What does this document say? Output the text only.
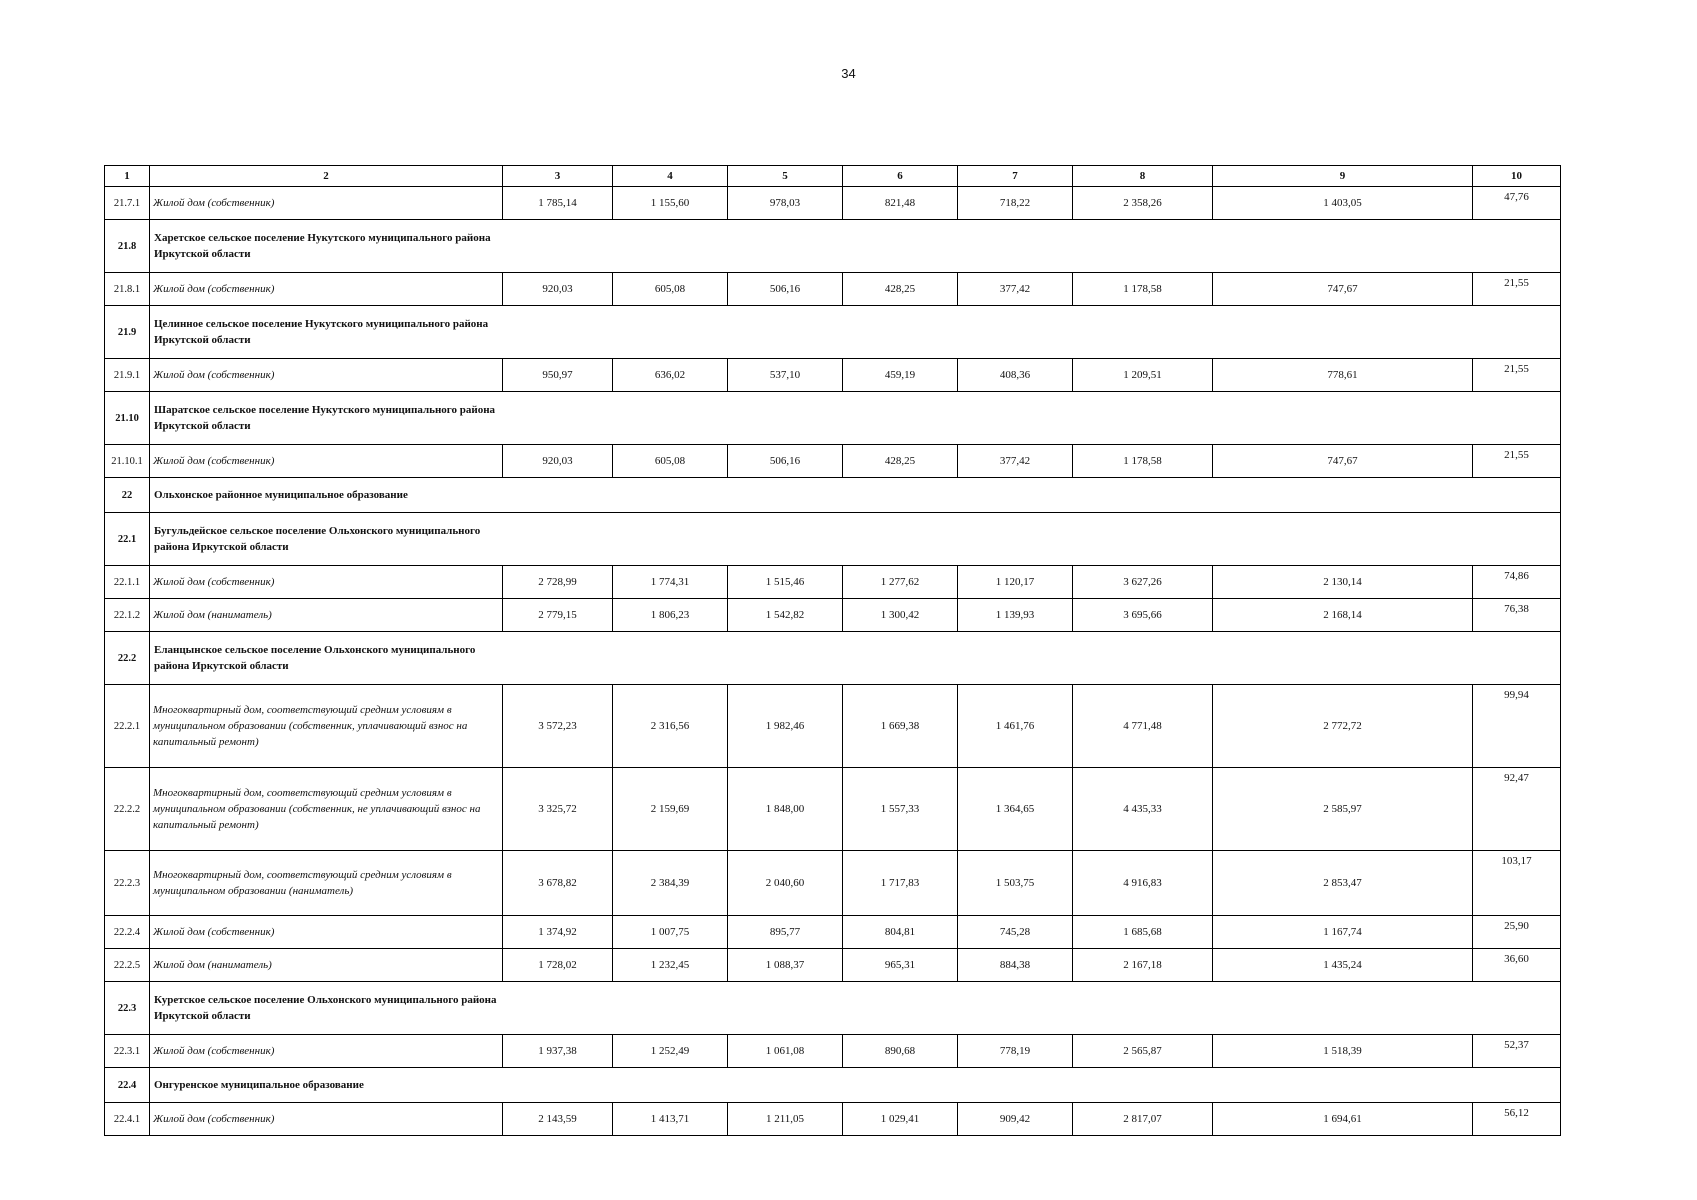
34
1	2	3	4	5	6	7	8	9	10
21.7.1	Жилой дом (собственник)	1 785,14	1 155,60	978,03	821,48	718,22	2 358,26	1 403,05	47,76
21.8	Харетское сельское поселение Нукутского муниципального района Иркутской области								
21.8.1	Жилой дом (собственник)	920,03	605,08	506,16	428,25	377,42	1 178,58	747,67	21,55
21.9	Целинное сельское поселение Нукутского муниципального района Иркутской области								
21.9.1	Жилой дом (собственник)	950,97	636,02	537,10	459,19	408,36	1 209,51	778,61	21,55
21.10	Шаратское сельское поселение Нукутского муниципального района Иркутской области								
21.10.1	Жилой дом (собственник)	920,03	605,08	506,16	428,25	377,42	1 178,58	747,67	21,55
22	Ольхонское районное муниципальное образование								
22.1	Бугульдейское сельское поселение Ольхонского муниципального района Иркутской области								
22.1.1	Жилой дом (собственник)	2 728,99	1 774,31	1 515,46	1 277,62	1 120,17	3 627,26	2 130,14	74,86
22.1.2	Жилой дом (наниматель)	2 779,15	1 806,23	1 542,82	1 300,42	1 139,93	3 695,66	2 168,14	76,38
22.2	Еланцынское сельское поселение Ольхонского муниципального района Иркутской области								
22.2.1	Многоквартирный дом, соответствующий средним условиям в муниципальном образовании (собственник, уплачивающий взнос на капитальный ремонт)	3 572,23	2 316,56	1 982,46	1 669,38	1 461,76	4 771,48	2 772,72	99,94
22.2.2	Многоквартирный дом, соответствующий средним условиям в муниципальном образовании (собственник, не уплачивающий взнос на капитальный ремонт)	3 325,72	2 159,69	1 848,00	1 557,33	1 364,65	4 435,33	2 585,97	92,47
22.2.3	Многоквартирный дом, соответствующий средним условиям в муниципальном образовании (наниматель)	3 678,82	2 384,39	2 040,60	1 717,83	1 503,75	4 916,83	2 853,47	103,17
22.2.4	Жилой дом (собственник)	1 374,92	1 007,75	895,77	804,81	745,28	1 685,68	1 167,74	25,90
22.2.5	Жилой дом (наниматель)	1 728,02	1 232,45	1 088,37	965,31	884,38	2 167,18	1 435,24	36,60
22.3	Куретское сельское поселение Ольхонского муниципального района Иркутской области								
22.3.1	Жилой дом (собственник)	1 937,38	1 252,49	1 061,08	890,68	778,19	2 565,87	1 518,39	52,37
22.4	Онгуренское муниципальное образование								
22.4.1	Жилой дом (собственник)	2 143,59	1 413,71	1 211,05	1 029,41	909,42	2 817,07	1 694,61	56,12
